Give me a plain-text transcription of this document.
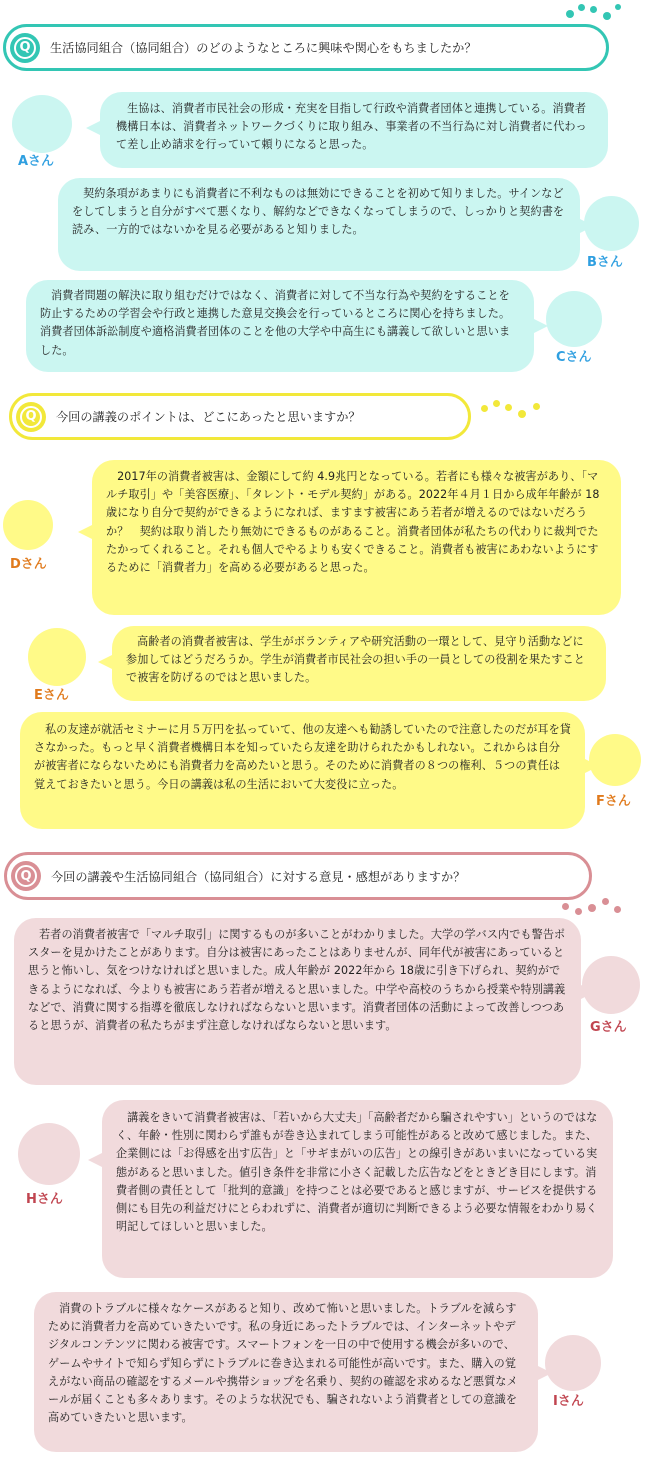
Q	生活協同組合（協同組合）のどのようなところに興味や関心をもちましたか？
Aさん

生協は、消費者市民社会の形成・充実を目指して行政や消費者団体と連携している。消費者機構日本は、消費者ネットワークづくりに取り組み、事業者の不当行為に対し消費者に代わって差し止め請求を行っていて頼りになると思った。

契約条項があまりにも消費者に不利なものは無効にできることを初めて知りました。サインなどをしてしまうと自分がすべて悪くなり、解約などできなくなってしまうので、しっかりと契約書を読み、一方的ではないかを見る必要があると知りました。

Bさん

消費者問題の解決に取り組むだけではなく、消費者に対して不当な行為や契約をすることを防止するための学習会や行政と連携した意見交換会を行っているところに関心を持ちました。消費者団体訴訟制度や適格消費者団体のことを他の大学や中高生にも講義して欲しいと思いました。	Cさん
Q	今回の講義のポイントは、どこにあったと思いますか？
Dさん

2017年の消費者被害は、金額にして約 4.9兆円となっている。若者にも様々な被害があり、「マルチ取引」や「美容医療」、「タレント・モデル契約」がある。2022年４月１日から成年年齢が 18歳になり自分で契約ができるようになれば、ますます被害にあう若者が増えるのではないだろうか？　契約は取り消したり無効にできるものがあること。消費者団体が私たちの代わりに裁判でたたかってくれること。それも個人でやるよりも安くできること。消費者も被害にあわないようにするために「消費者力」を高める必要があると思った。

Eさん

高齢者の消費者被害は、学生がボランティアや研究活動の一環として、見守り活動などに参加してはどうだろうか。学生が消費者市民社会の担い手の一員としての役割を果たすことで被害を防げるのではと思いました。

私の友達が就活セミナーに月５万円を払っていて、他の友達へも勧誘していたので注意したのだが耳を貸さなかった。もっと早く消費者機構日本を知っていたら友達を助けられたかもしれない。これからは自分が被害者にならないためにも消費者力を高めたいと思う。そのために消費者の８つの権利、５つの責任は覚えておきたいと思う。今日の講義は私の生活において大変役に立った。

Fさん
Q	今回の講義や生活協同組合（協同組合）に対する意見・感想がありますか？

若者の消費者被害で「マルチ取引」に関するものが多いことがわかりました。大学の学バス内でも警告ポスターを見かけたことがあります。自分は被害にあったことはありませんが、同年代が被害にあっていると思うと怖いし、気をつけなければと思いました。成人年齢が 2022年から 18歳に引き下げられ、契約ができるようになれば、今よりも被害にあう若者が増えると思いました。中学や高校のうちから授業や特別講義などで、消費に関する指導を徹底しなければならないと思います。消費者団体の活動によって改善しつつあると思うが、消費者の私たちがまず注意しなければならないと思います。	Gさん
Hさん

講義をきいて消費者被害は、「若いから大丈夫」「高齢者だから騙されやすい」というのではなく、年齢・性別に関わらず誰もが巻き込まれてしまう可能性があると改めて感じました。また、企業側には「お得感を出す広告」と「サギまがいの広告」との線引きがあいまいになっている実態があると思いました。値引き条件を非常に小さく記載した広告などをときどき目にします。消費者側の責任として「批判的意識」を持つことは必要であると感じますが、サービスを提供する側にも目先の利益だけにとらわれずに、消費者が適切に判断できるよう必要な情報をわかり易く明記してほしいと思いました。

消費のトラブルに様々なケースがあると知り、改めて怖いと思いました。トラブルを減らすために消費者力を高めていきたいです。私の身近にあったトラブルでは、インターネットやデジタルコンテンツに関わる被害です。スマートフォンを一日の中で使用する機会が多いので、ゲームやサイトで知らず知らずにトラブルに巻き込まれる可能性が高いです。また、購入の覚えがない商品の確認をするメールや携帯ショップを名乗り、契約の確認を求めるなど悪質なメールが届くことも多々あります。そのような状況でも、騙されないよう消費者としての意識を高めていきたいと思います。

Iさん
